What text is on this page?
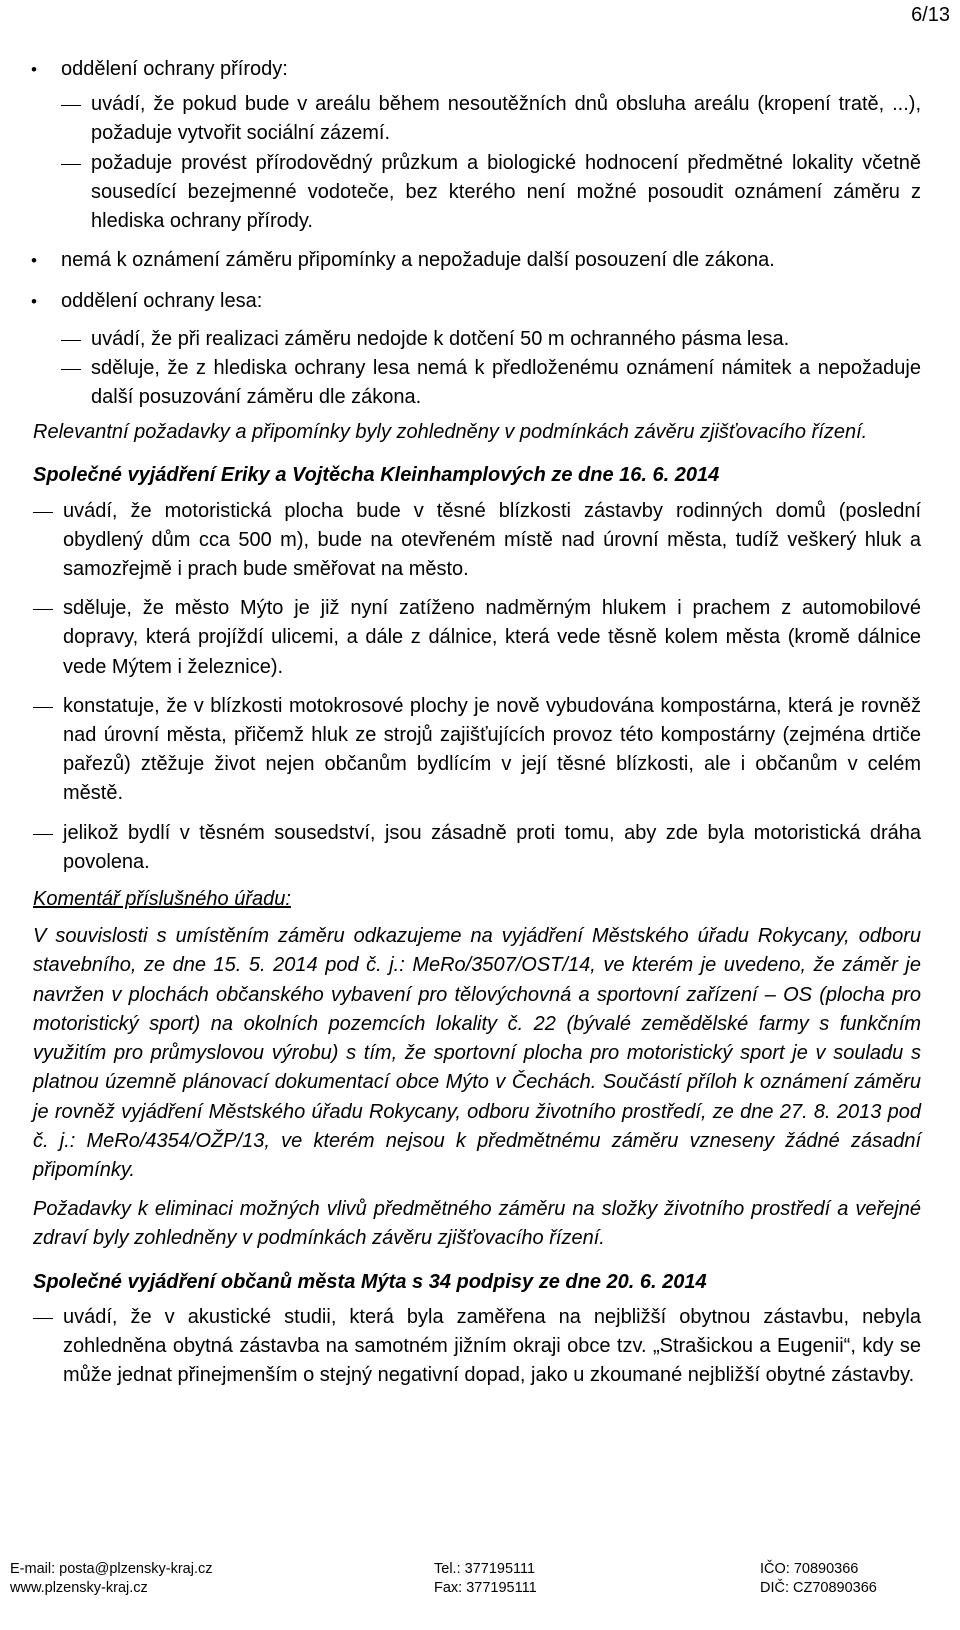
6/13
• oddělení ochrany přírody:
uvádí, že pokud bude v areálu během nesoutěžních dnů obsluha areálu (kropení tratě, ...), požaduje vytvořit sociální zázemí.
požaduje provést přírodovědný průzkum a biologické hodnocení předmětné lokality včetně sousedící bezejmenné vodoteče, bez kterého není možné posoudit oznámení záměru z hlediska ochrany přírody.
• nemá k oznámení záměru připomínky a nepožaduje další posouzení dle zákona.
• oddělení ochrany lesa:
uvádí, že při realizaci záměru nedojde k dotčení 50 m ochranného pásma lesa.
sděluje, že z hlediska ochrany lesa nemá k předloženému oznámení námitek a nepožaduje další posuzování záměru dle zákona.
Relevantní požadavky a připomínky byly zohledněny v podmínkách závěru zjišťovacího řízení.
Společné vyjádření Eriky a Vojtěcha Kleinhamplových ze dne 16. 6. 2014
uvádí, že motoristická plocha bude v těsné blízkosti zástavby rodinných domů (poslední obydlený dům cca 500 m), bude na otevřeném místě nad úrovní města, tudíž veškerý hluk a samozřejmě i prach bude směřovat na město.
sděluje, že město Mýto je již nyní zatíženo nadměrným hlukem i prachem z automobilové dopravy, která projíždí ulicemi, a dále z dálnice, která vede těsně kolem města (kromě dálnice vede Mýtem i železnice).
konstatuje, že v blízkosti motokrosové plochy je nově vybudována kompostárna, která je rovněž nad úrovní města, přičemž hluk ze strojů zajišťujících provoz této kompostárny (zejména drtiče pařezů) ztěžuje život nejen občanům bydlícím v její těsné blízkosti, ale i občanům v celém městě.
jelikož bydlí v těsném sousedství, jsou zásadně proti tomu, aby zde byla motoristická dráha povolena.
Komentář příslušného úřadu:
V souvislosti s umístěním záměru odkazujeme na vyjádření Městského úřadu Rokycany, odboru stavebního, ze dne 15. 5. 2014 pod č. j.: MeRo/3507/OST/14, ve kterém je uvedeno, že záměr je navržen v plochách občanského vybavení pro tělovýchovná a sportovní zařízení – OS (plocha pro motoristický sport) na okolních pozemcích lokality č. 22 (bývalé zemědělské farmy s funkčním využitím pro průmyslovou výrobu) s tím, že sportovní plocha pro motoristický sport je v souladu s platnou územně plánovací dokumentací obce Mýto v Čechách. Součástí příloh k oznámení záměru je rovněž vyjádření Městského úřadu Rokycany, odboru životního prostředí, ze dne 27. 8. 2013 pod č. j.: MeRo/4354/OŽP/13, ve kterém nejsou k předmětnému záměru vzneseny žádné zásadní připomínky.
Požadavky k eliminaci možných vlivů předmětného záměru na složky životního prostředí a veřejné zdraví byly zohledněny v podmínkách závěru zjišťovacího řízení.
Společné vyjádření občanů města Mýta s 34 podpisy ze dne 20. 6. 2014
uvádí, že v akustické studii, která byla zaměřena na nejbližší obytnou zástavbu, nebyla zohledněna obytná zástavba na samotném jižním okraji obce tzv. „Strašickou a Eugenii“, kdy se může jednat přinejmenším o stejný negativní dopad, jako u zkoumané nejbližší obytné zástavby.
E-mail: posta@plzensky-kraj.cz
www.plzensky-kraj.cz
Tel.: 377195111
Fax: 377195111
IČO: 70890366
DIČ: CZ70890366
